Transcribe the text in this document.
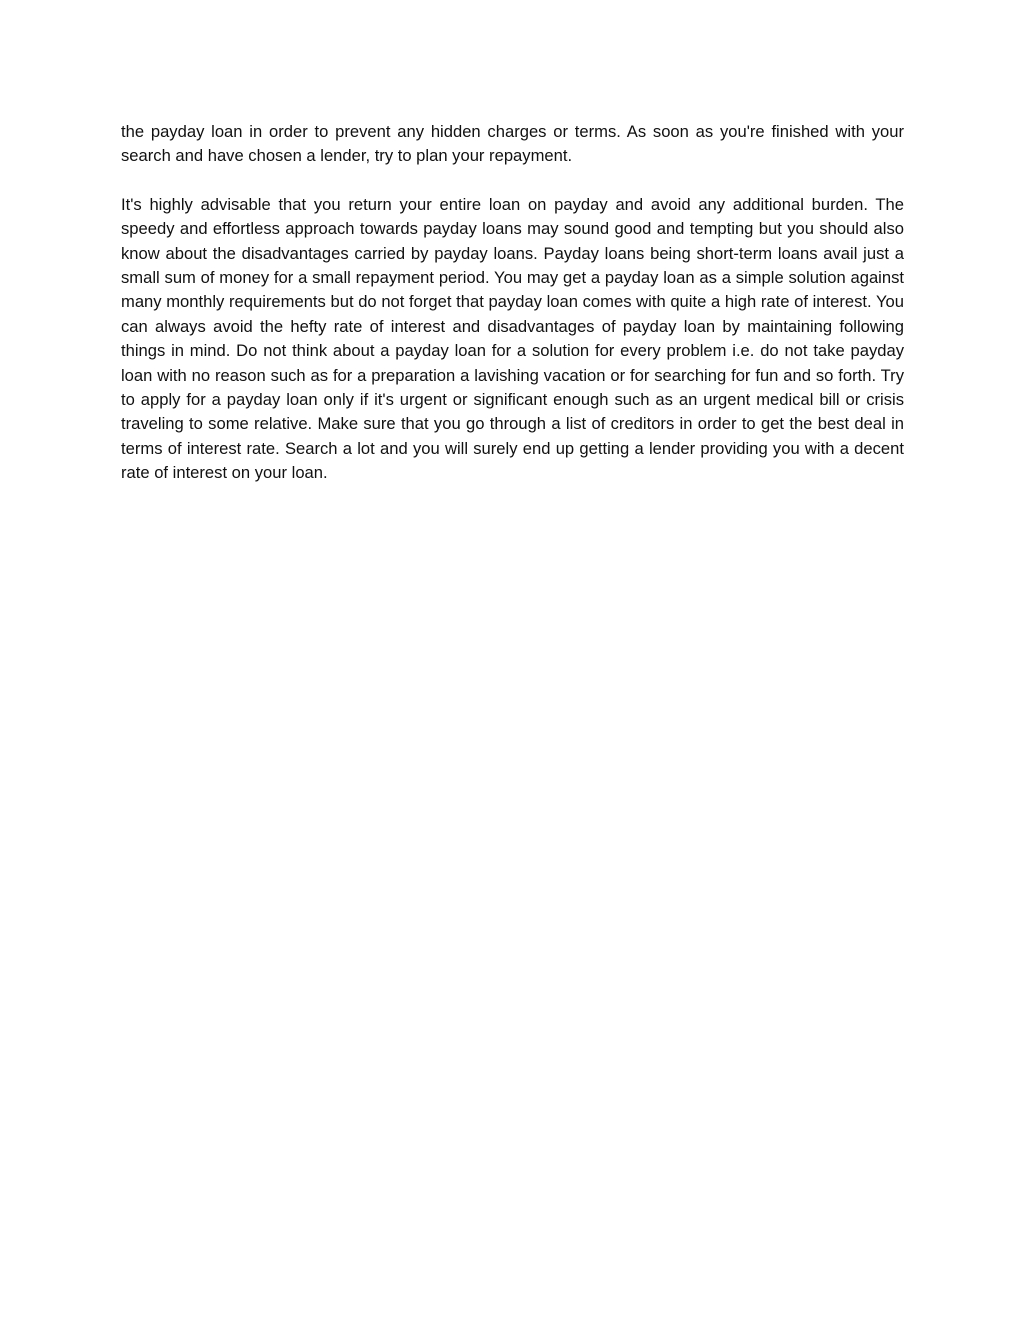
the payday loan in order to prevent any hidden charges or terms. As soon as you're finished with your search and have chosen a lender, try to plan your repayment.

It's highly advisable that you return your entire loan on payday and avoid any additional burden. The speedy and effortless approach towards payday loans may sound good and tempting but you should also know about the disadvantages carried by payday loans. Payday loans being short-term loans avail just a small sum of money for a small repayment period. You may get a payday loan as a simple solution against many monthly requirements but do not forget that payday loan comes with quite a high rate of interest. You can always avoid the hefty rate of interest and disadvantages of payday loan by maintaining following things in mind. Do not think about a payday loan for a solution for every problem i.e. do not take payday loan with no reason such as for a preparation a lavishing vacation or for searching for fun and so forth. Try to apply for a payday loan only if it's urgent or significant enough such as an urgent medical bill or crisis traveling to some relative. Make sure that you go through a list of creditors in order to get the best deal in terms of interest rate. Search a lot and you will surely end up getting a lender providing you with a decent rate of interest on your loan.
